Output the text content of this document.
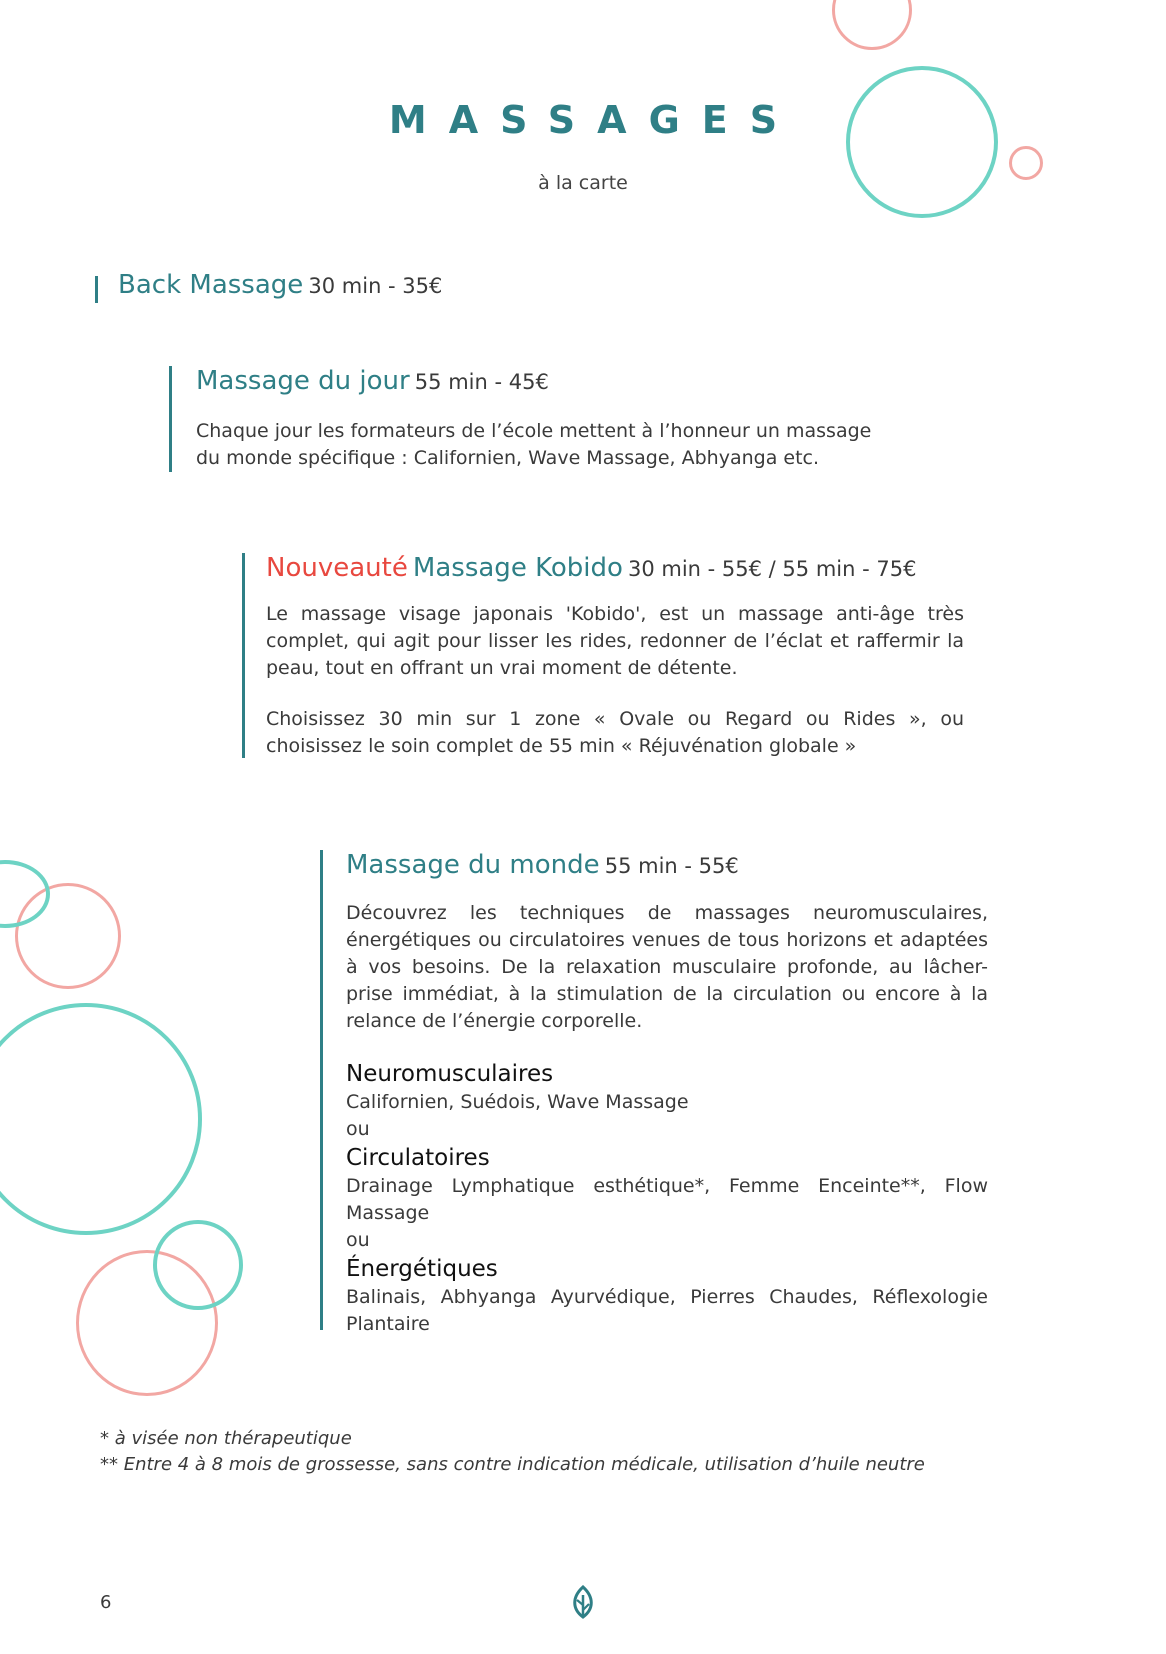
MASSAGES
à la carte
Back Massage 30 min - 35€
Massage du jour 55 min - 45€
Chaque jour les formateurs de l’école mettent à l’honneur un massage
du monde spécifique : Californien, Wave Massage, Abhyanga etc.
Nouveauté Massage Kobido 30 min - 55€ / 55 min - 75€

Le massage visage japonais 'Kobido', est un massage anti-âge très complet, qui agit pour lisser les rides, redonner de l’éclat et raffermir la peau, tout en offrant un vrai moment de détente.

Choisissez 30 min sur 1 zone « Ovale ou Regard ou Rides », ou choisissez le soin complet de 55 min « Réjuvénation globale »

Massage du monde 55 min - 55€

Découvrez les techniques de massages neuromusculaires, énergétiques ou circulatoires venues de tous horizons et adaptées à vos besoins. De la relaxation musculaire profonde, au lâcher-prise immédiat, à la stimulation de la circulation ou encore à la relance de l’énergie corporelle.

Neuromusculaires
Californien, Suédois, Wave Massage
ou
Circulatoires
Drainage Lymphatique esthétique*, Femme Enceinte**, Flow Massage
ou
Énergétiques
Balinais, Abhyanga Ayurvédique, Pierres Chaudes, Réflexologie Plantaire
* à visée non thérapeutique
** Entre 4 à 8 mois de grossesse, sans contre indication médicale, utilisation d’huile neutre
6
